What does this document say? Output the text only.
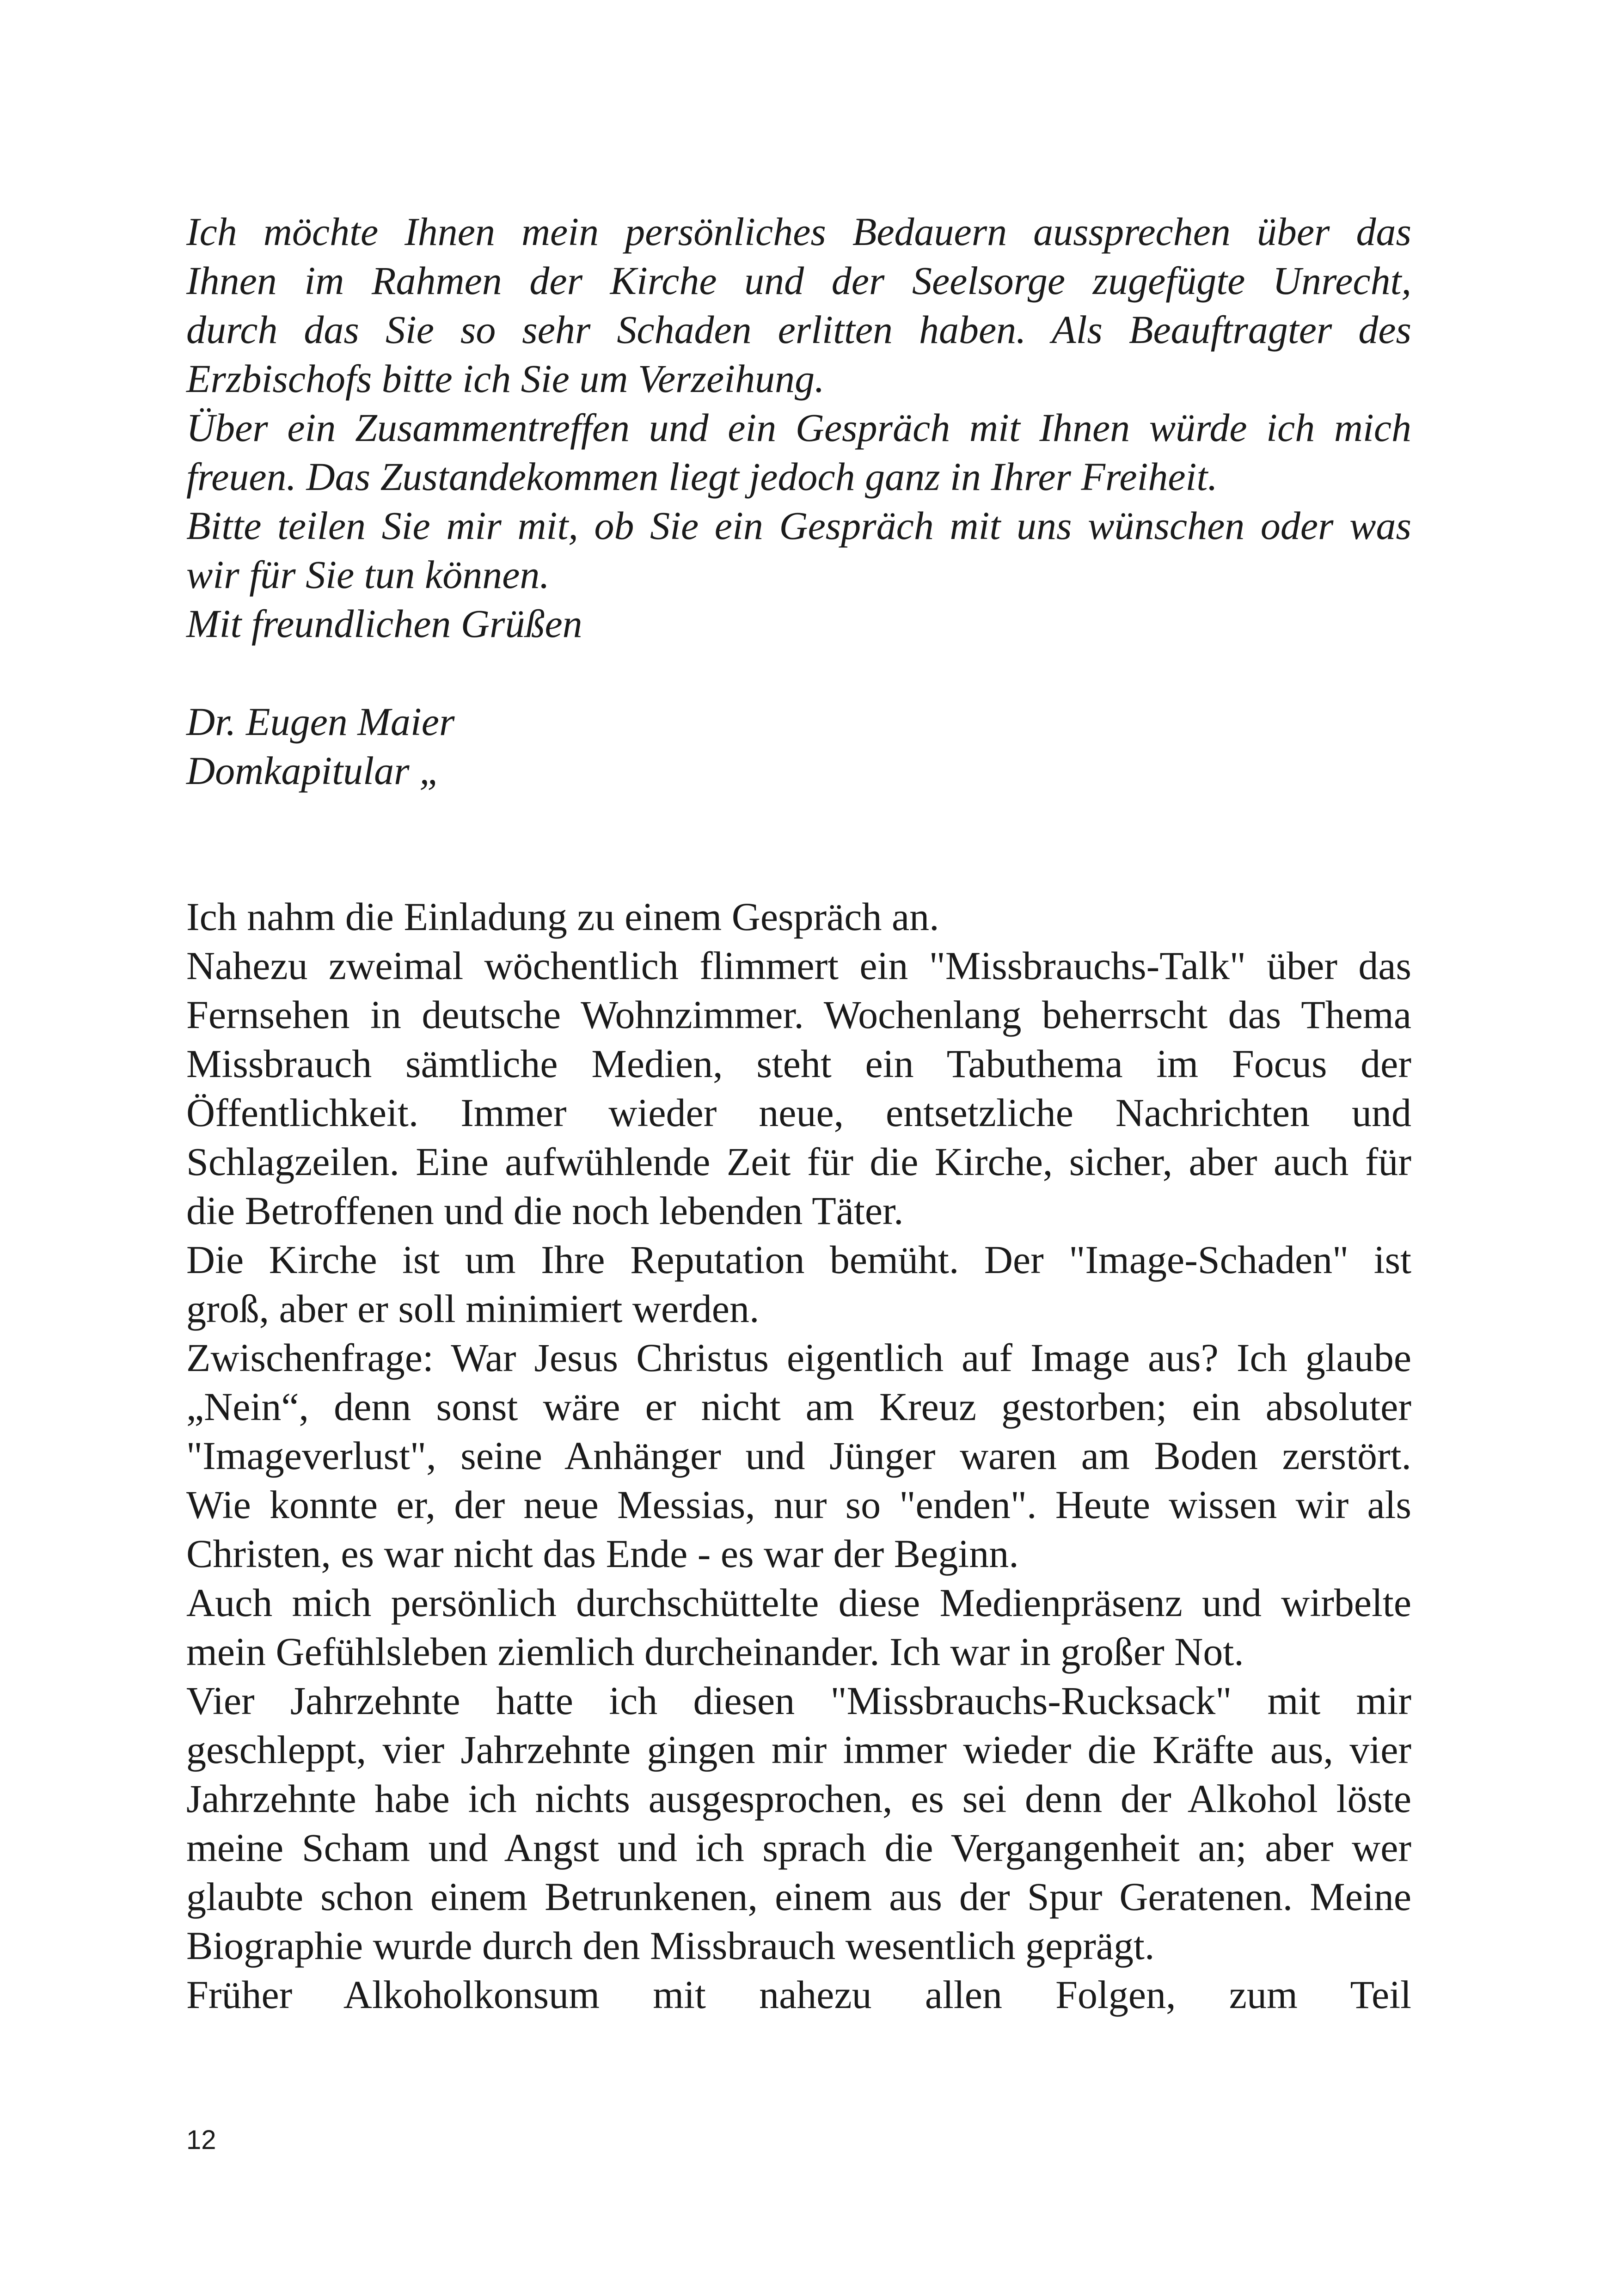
Ich möchte Ihnen mein persönliches Bedauern aussprechen über das
Ihnen im Rahmen der Kirche und der Seelsorge zugefügte Unrecht,
durch das Sie so sehr Schaden erlitten haben. Als Beauftragter des
Erzbischofs bitte ich Sie um Verzeihung.
Über ein Zusammentreffen und ein Gespräch mit Ihnen würde ich mich
freuen. Das Zustandekommen liegt jedoch ganz in Ihrer Freiheit.
Bitte teilen Sie mir mit, ob Sie ein Gespräch mit uns wünschen oder was
wir für Sie tun können.
Mit freundlichen Grüßen
Dr. Eugen Maier
Domkapitular „
Ich nahm die Einladung zu einem Gespräch an.
Nahezu zweimal wöchentlich flimmert ein "Missbrauchs-Talk" über das
Fernsehen in deutsche Wohnzimmer. Wochenlang beherrscht das Thema
Missbrauch sämtliche Medien, steht ein Tabuthema im Focus der
Öffentlichkeit. Immer wieder neue, entsetzliche Nachrichten und
Schlagzeilen. Eine aufwühlende Zeit für die Kirche, sicher, aber auch für
die Betroffenen und die noch lebenden Täter.
Die Kirche ist um Ihre Reputation bemüht. Der "Image-Schaden" ist
groß, aber er soll minimiert werden.
Zwischenfrage: War Jesus Christus eigentlich auf Image aus? Ich glaube
„Nein“, denn sonst wäre er nicht am Kreuz gestorben; ein absoluter
"Imageverlust", seine Anhänger und Jünger waren am Boden zerstört.
Wie konnte er, der neue Messias, nur so "enden". Heute wissen wir als
Christen, es war nicht das Ende - es war der Beginn.
Auch mich persönlich durchschüttelte diese Medienpräsenz und wirbelte
mein Gefühlsleben ziemlich durcheinander. Ich war in großer Not.
Vier Jahrzehnte hatte ich diesen "Missbrauchs-Rucksack" mit mir
geschleppt, vier Jahrzehnte gingen mir immer wieder die Kräfte aus, vier
Jahrzehnte habe ich nichts ausgesprochen, es sei denn der Alkohol löste
meine Scham und Angst und ich sprach die Vergangenheit an; aber wer
glaubte schon einem Betrunkenen, einem aus der Spur Geratenen. Meine
Biographie wurde durch den Missbrauch wesentlich geprägt.
Früher Alkoholkonsum mit nahezu allen Folgen, zum Teil
12
